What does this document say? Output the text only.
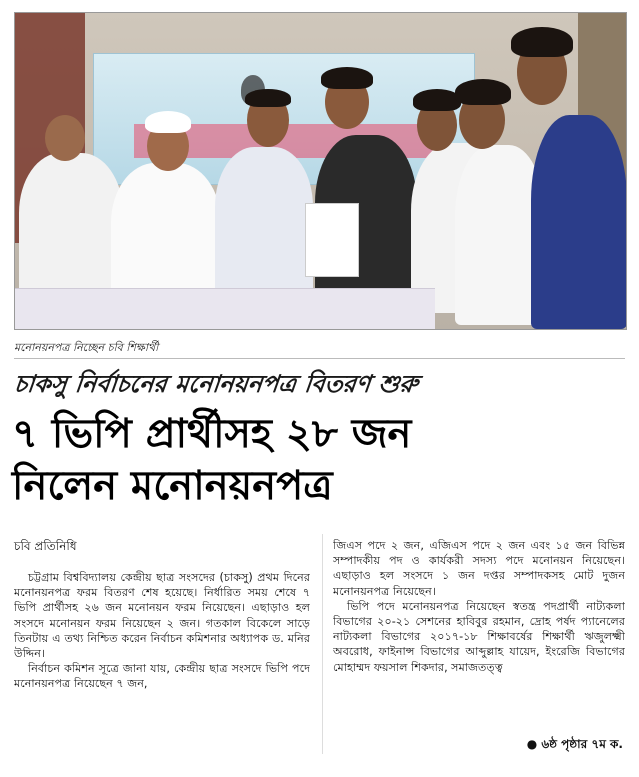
মনোনয়নপত্র নিচ্ছেন চবি শিক্ষার্থী
চাকসু নির্বাচনের মনোনয়নপত্র বিতরণ শুরু
৭ ভিপি প্রার্থীসহ ২৮ জন
নিলেন মনোনয়নপত্র
চবি প্রতিনিধি

চট্টগ্রাম বিশ্ববিদ্যালয় কেন্দ্রীয় ছাত্র সংসদের (চাকসু) প্রথম দিনের মনোনয়নপত্র ফরম বিতরণ শেষ হয়েছে। নির্ধারিত সময় শেষে ৭ ভিপি প্রার্থীসহ ২৬ জন মনোনয়ন ফরম নিয়েছেন। এছাড়াও হল সংসদে মনোনয়ন ফরম নিয়েছেন ২ জন। গতকাল বিকেলে সাড়ে তিনটায় এ তথ্য নিশ্চিত করেন নির্বাচন কমিশনার অধ্যাপক ড. মনির উদ্দিন।

নির্বাচন কমিশন সূত্রে জানা যায়, কেন্দ্রীয় ছাত্র সংসদে ভিপি পদে মনোনয়নপত্র নিয়েছেন ৭ জন,

জিএস পদে ২ জন, এজিএস পদে ২ জন এবং ১৫ জন বিভিন্ন সম্পাদকীয় পদ ও কার্যকরী সদস্য পদে মনোনয়ন নিয়েছেন। এছাড়াও হল সংসদে ১ জন দপ্তর সম্পাদকসহ মোট দুজন মনোনয়নপত্র নিয়েছেন।

ভিপি পদে মনোনয়নপত্র নিয়েছেন স্বতন্ত্র পদপ্রার্থী নাট্যকলা বিভাগের ২০-২১ সেশনের হাবিবুর রহমান, দ্রোহ পর্ষদ প্যানেলের নাট্যকলা বিভাগের ২০১৭-১৮ শিক্ষাবর্ষের শিক্ষার্থী ঋজুলক্ষ্মী অবরোধ, ফাইনান্স বিভাগের আব্দুল্লাহ যায়েদ, ইংরেজি বিভাগের মোহাম্মদ ফয়সাল শিকদার, সমাজতত্ত্ব

● ৬ষ্ঠ পৃষ্ঠার ৭ম ক.
